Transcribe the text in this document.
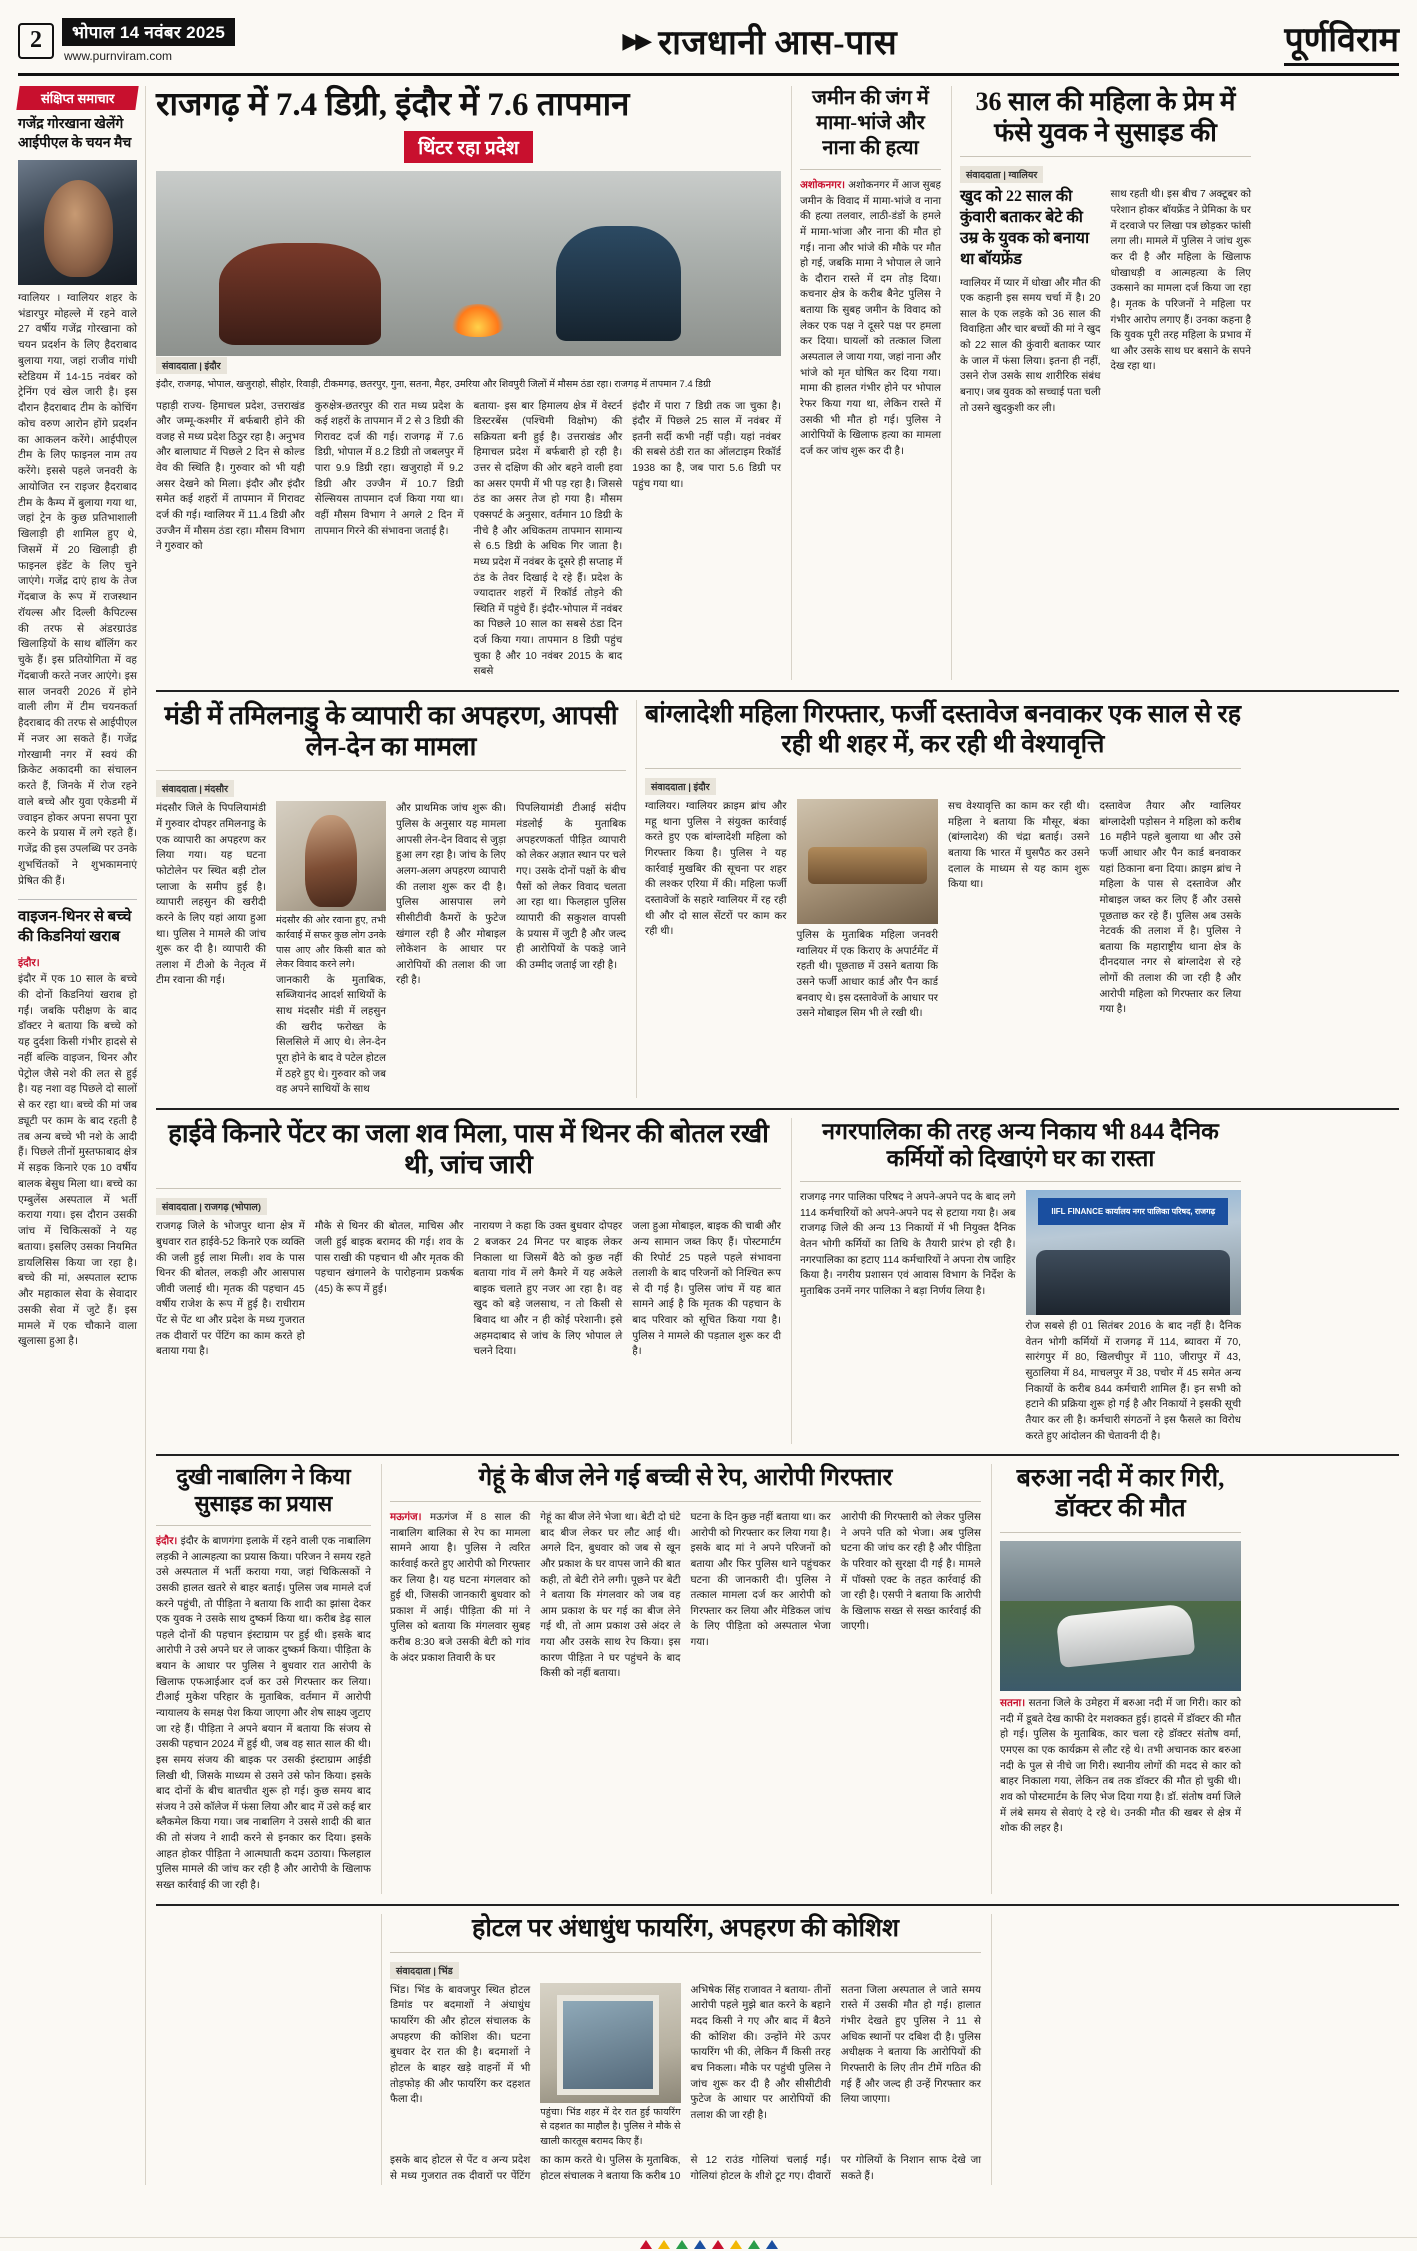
2	भोपाल 14 नवंबर 2025
www.purnviram.com
▶▶ राजधानी आस-पास	पूर्णविराम
संक्षिप्त समाचार
गजेंद्र गोरखाना खेलेंगे आईपीएल के चयन मैच
ग्वालियर । ग्वालियर शहर के भंडारपुर मोहल्ले में रहने वाले 27 वर्षीय गजेंद्र गोरखाना को चयन प्रदर्शन के लिए हैदराबाद बुलाया गया, जहां राजीव गांधी स्टेडियम में 14-15 नवंबर को ट्रेनिंग एवं खेल जारी है। इस दौरान हैदराबाद टीम के कोचिंग कोच वरुण आरोन होंगे प्रदर्शन का आकलन करेंगे। आईपीएल टीम के लिए फाइनल नाम तय करेंगे। इससे पहले जनवरी के आयोजित रन राइजर हैदराबाद टीम के कैम्प में बुलाया गया था, जहां ट्रेन के कुछ प्रतिभाशाली खिलाड़ी ही शामिल हुए थे, जिसमें में 20 खिलाड़ी ही फाइनल इंडेंट के लिए चुने जाएंगे। गजेंद्र दाएं हाथ के तेज गेंदबाज के रूप में राजस्थान रॉयल्स और दिल्ली कैपिटल्स की तरफ से अंडरग्राउंड खिलाड़ियों के साथ बॉलिंग कर चुके हैं। इस प्रतियोगिता में वह गेंदबाजी करते नजर आएंगे। इस साल जनवरी 2026 में होने वाली लीग में टीम चयनकर्ता हैदराबाद की तरफ से आईपीएल में नजर आ सकते हैं। गजेंद्र गोरखामी नगर में स्वयं की क्रिकेट अकादमी का संचालन करते हैं, जिनके में रोज रहने वाले बच्चे और युवा एकेडमी में ज्वाइन होकर अपना सपना पूरा करने के प्रयास में लगे रहते हैं। गजेंद्र की इस उपलब्धि पर उनके शुभचिंतकों ने शुभकामनाएं प्रेषित की हैं।
वाइजन-थिनर से बच्चे की किडनियां खराब
इंदौर।
इंदौर में एक 10 साल के बच्चे की दोनों किडनियां खराब हो गईं। जबकि परीक्षण के बाद डॉक्टर ने बताया कि बच्चे को यह दुर्दशा किसी गंभीर हादसे से नहीं बल्कि वाइजन, थिनर और पेट्रोल जैसे नशे की लत से हुई है। यह नशा वह पिछले दो सालों से कर रहा था। बच्चे की मां जब ड्यूटी पर काम के बाद रहती है तब अन्य बच्चे भी नशे के आदी हैं। पिछले तीनों मुस्तफाबाद क्षेत्र में सड़क किनारे एक 10 वर्षीय बालक बेसुध मिला था। बच्चे का एम्बुलेंस अस्पताल में भर्ती कराया गया। इस दौरान उसकी जांच में चिकित्सकों ने यह बताया। इसलिए उसका नियमित डायलिसिस किया जा रहा है। बच्चे की मां, अस्पताल स्टाफ और महाकाल सेवा के सेवादार उसकी सेवा में जुटे हैं। इस मामले में एक चौकाने वाला खुलासा हुआ है।
राजगढ़ में 7.4 डिग्री, इंदौर में 7.6 तापमान
थिंटर रहा प्रदेश
संवाददाता | इंदौर
इंदौर, राजगढ़, भोपाल, खजुराहो, सीहोर, रिवाड़ी, टीकमगढ़, छतरपुर, गुना, सतना, मैहर, उमरिया और शिवपुरी जिलों में मौसम ठंडा रहा। राजगढ़ में तापमान 7.4 डिग्री
पहाड़ी राज्य- हिमाचल प्रदेश, उत्तराखंड और जम्मू-कश्मीर में बर्फबारी होने की वजह से मध्य प्रदेश ठिठुर रहा है। अनुभव और बालाघाट में पिछले 2 दिन से कोल्ड वेव की स्थिति है। गुरुवार को भी यही असर देखने को मिला। इंदौर और इंदौर समेत कई शहरों में तापमान में गिरावट दर्ज की गई। ग्वालियर में 11.4 डिग्री और उज्जैन में मौसम ठंडा रहा। मौसम विभाग ने गुरुवार को
कुरुक्षेत्र-छतरपुर की रात मध्य प्रदेश के कई शहरों के तापमान में 2 से 3 डिग्री की गिरावट दर्ज की गई। राजगढ़ में 7.6 डिग्री, भोपाल में 8.2 डिग्री तो जबलपुर में पारा 9.9 डिग्री रहा। खजुराहो में 9.2 डिग्री और उज्जैन में 10.7 डिग्री सेल्सियस तापमान दर्ज किया गया था। वहीं मौसम विभाग ने अगले 2 दिन में तापमान गिरने की संभावना जताई है।
बताया- इस बार हिमालय क्षेत्र में वेस्टर्न डिस्टरबेंस (पश्चिमी विक्षोभ) की सक्रियता बनी हुई है। उत्तराखंड और हिमाचल प्रदेश में बर्फबारी हो रही है। उत्तर से दक्षिण की ओर बहने वाली हवा का असर एमपी में भी पड़ रहा है। जिससे ठंड का असर तेज हो गया है। मौसम एक्सपर्ट के अनुसार, वर्तमान 10 डिग्री के नीचे है और अधिकतम तापमान सामान्य से 6.5 डिग्री के अधिक गिर जाता है। मध्य प्रदेश में नवंबर के दूसरे ही सप्ताह में ठंड के तेवर दिखाई दे रहे हैं। प्रदेश के ज्यादातर शहरों में रिकॉर्ड तोड़ने की स्थिति में पहुंचे हैं। इंदौर-भोपाल में नवंबर का पिछले 10 साल का सबसे ठंडा दिन दर्ज किया गया। तापमान 8 डिग्री पहुंच चुका है और 10 नवंबर 2015 के बाद सबसे
इंदौर में पारा 7 डिग्री तक जा चुका है। इंदौर में पिछले 25 साल में नवंबर में इतनी सर्दी कभी नहीं पड़ी। यहां नवंबर की सबसे ठंडी रात का ऑलटाइम रिकॉर्ड 1938 का है, जब पारा 5.6 डिग्री पर पहुंच गया था।
जमीन की जंग में मामा-भांजे और नाना की हत्या
अशोकनगर। अशोकनगर में आज सुबह जमीन के विवाद में मामा-भांजे व नाना की हत्या तलवार, लाठी-डंडों के हमले में मामा-भांजा और नाना की मौत हो गई। नाना और भांजे की मौके पर मौत हो गई, जबकि मामा ने भोपाल ले जाने के दौरान रास्ते में दम तोड़ दिया। कचनार क्षेत्र के करीब बैनेट पुलिस ने बताया कि सुबह जमीन के विवाद को लेकर एक पक्ष ने दूसरे पक्ष पर हमला कर दिया। घायलों को तत्काल जिला अस्पताल ले जाया गया, जहां नाना और भांजे को मृत घोषित कर दिया गया। मामा की हालत गंभीर होने पर भोपाल रेफर किया गया था, लेकिन रास्ते में उसकी भी मौत हो गई। पुलिस ने आरोपियों के खिलाफ हत्या का मामला दर्ज कर जांच शुरू कर दी है।
36 साल की महिला के प्रेम में फंसे युवक ने सुसाइड की
संवाददाता | ग्वालियर
खुद को 22 साल की कुंवारी बताकर बेटे की उम्र के युवक को बनाया था बॉयफ्रेंड
ग्वालियर में प्यार में धोखा और मौत की एक कहानी इस समय चर्चा में है। 20 साल के एक लड़के को 36 साल की विवाहिता और चार बच्चों की मां ने खुद को 22 साल की कुंवारी बताकर प्यार के जाल में फंसा लिया। इतना ही नहीं, उसने रोज उसके साथ शारीरिक संबंध बनाए। जब युवक को सच्चाई पता चली तो उसने खुदकुशी कर ली।
साथ रहती थी। इस बीच 7 अक्टूबर को परेशान होकर बॉयफ्रेंड ने प्रेमिका के घर में दरवाजे पर लिखा पत्र छोड़कर फांसी लगा ली। मामले में पुलिस ने जांच शुरू कर दी है और महिला के खिलाफ धोखाधड़ी व आत्महत्या के लिए उकसाने का मामला दर्ज किया जा रहा है। मृतक के परिजनों ने महिला पर गंभीर आरोप लगाए हैं। उनका कहना है कि युवक पूरी तरह महिला के प्रभाव में था और उसके साथ घर बसाने के सपने देख रहा था।
मंडी में तमिलनाडु के व्यापारी का अपहरण, आपसी लेन-देन का मामला
संवाददाता | मंदसौर
मंदसौर जिले के पिपलियामंडी में गुरुवार दोपहर तमिलनाडु के एक व्यापारी का अपहरण कर लिया गया। यह घटना फोटोलेन पर स्थित बड़ी टोल प्लाजा के समीप हुई है। व्यापारी लहसुन की खरीदी करने के लिए यहां आया हुआ था। पुलिस ने मामले की जांच शुरू कर दी है। व्यापारी की तलाश में टीओ के नेतृत्व में टीम रवाना की गई।
मंदसौर की ओर रवाना हुए, तभी कार्रवाई में सफर कुछ लोग उनके पास आए और किसी बात को लेकर विवाद करने लगे।
जानकारी के मुताबिक, सब्जियानंद आदर्श साथियों के साथ मंदसौर मंडी में लहसुन की खरीद फरोख्त के सिलसिले में आए थे। लेन-देन पूरा होने के बाद वे पटेल होटल में ठहरे हुए थे। गुरुवार को जब वह अपने साथियों के साथ
और प्राथमिक जांच शुरू की। पुलिस के अनुसार यह मामला आपसी लेन-देन विवाद से जुड़ा हुआ लग रहा है। जांच के लिए अलग-अलग अपहरण व्यापारी की तलाश शुरू कर दी है। पुलिस आसपास लगे सीसीटीवी कैमरों के फुटेज खंगाल रही है और मोबाइल लोकेशन के आधार पर आरोपियों की तलाश की जा रही है।
पिपलियामंडी टीआई संदीप मंडलोई के मुताबिक अपहरणकर्ता पीड़ित व्यापारी को लेकर अज्ञात स्थान पर चले गए। उसके दोनों पक्षों के बीच पैसों को लेकर विवाद चलता आ रहा था। फिलहाल पुलिस व्यापारी की सकुशल वापसी के प्रयास में जुटी है और जल्द ही आरोपियों के पकड़े जाने की उम्मीद जताई जा रही है।
बांग्लादेशी महिला गिरफ्तार, फर्जी दस्तावेज बनवाकर एक साल से रह रही थी शहर में, कर रही थी वेश्यावृत्ति
संवाददाता | इंदौर
ग्वालियर। ग्वालियर क्राइम ब्रांच और महू थाना पुलिस ने संयुक्त कार्रवाई करते हुए एक बांग्लादेशी महिला को गिरफ्तार किया है। पुलिस ने यह कार्रवाई मुखबिर की सूचना पर शहर की लश्कर एरिया में की। महिला फर्जी दस्तावेजों के सहारे ग्वालियर में रह रही थी और दो साल सेंटरों पर काम कर रही थी।	पुलिस के मुताबिक महिला जनवरी ग्वालियर में एक किराए के अपार्टमेंट में रहती थी। पूछताछ में उसने बताया कि उसने फर्जी आधार कार्ड और पैन कार्ड बनवाए थे। इस दस्तावेजों के आधार पर उसने मोबाइल सिम भी ले रखी थी।
सच वेश्यावृत्ति का काम कर रही थी। महिला ने बताया कि मौसूर, बंका (बांग्लादेश) की चंद्रा बताई। उसने बताया कि भारत में घुसपैठ कर उसने दलाल के माध्यम से यह काम शुरू किया था।
दस्तावेज तैयार और ग्वालियर बांग्लादेशी पड़ोसन ने महिला को करीब 16 महीने पहले बुलाया था और उसे फर्जी आधार और पैन कार्ड बनवाकर यहां ठिकाना बना दिया। क्राइम ब्रांच ने महिला के पास से दस्तावेज और मोबाइल जब्त कर लिए हैं और उससे पूछताछ कर रहे हैं। पुलिस अब उसके नेटवर्क की तलाश में है। पुलिस ने बताया कि महाराष्ट्रीय थाना क्षेत्र के दीनदयाल नगर से बांग्लादेश से रहे लोगों की तलाश की जा रही है और आरोपी महिला को गिरफ्तार कर लिया गया है।
हाईवे किनारे पेंटर का जला शव मिला, पास में थिनर की बोतल रखी थी, जांच जारी
संवाददाता | राजगढ़ (भोपाल)
राजगढ़ जिले के भोजपुर थाना क्षेत्र में बुधवार रात हाईवे-52 किनारे एक व्यक्ति की जली हुई लाश मिली। शव के पास थिनर की बोतल, लकड़ी और आसपास जीवी जलाई थी। मृतक की पहचान 45 वर्षीय राजेश के रूप में हुई है। राधीराम पेंट से पेंट था और प्रदेश के मध्य गुजरात तक दीवारों पर पेंटिंग का काम करते हो बताया गया है।
मौके से थिनर की बोतल, माचिस और जली हुई बाइक बरामद की गई। शव के पास राखी की पहचान थी और मृतक की पहचान खंगालने के पारोहनाम प्रकर्षक (45) के रूप में हुई।
नारायण ने कहा कि उक्त बुधवार दोपहर 2 बजकर 24 मिनट पर बाइक लेकर निकाला था जिसमें बैठे को कुछ नहीं बताया गांव में लगे कैमरे में यह अकेले बाइक चलाते हुए नजर आ रहा है। वह खुद को बड़े जलसाथ, न तो किसी से बिवाद था और न ही कोई परेशानी। इसे अहमदाबाद से जांच के लिए भोपाल ले चलने दिया।
जला हुआ मोबाइल, बाइक की चाबी और अन्य सामान जब्त किए हैं। पोस्टमार्टम की रिपोर्ट 25 पहले पहले संभावना तलाशी के बाद परिजनों को निश्चित रूप से दी गई है। पुलिस जांच में यह बात सामने आई है कि मृतक की पहचान के बाद परिवार को सूचित किया गया है। पुलिस ने मामले की पड़ताल शुरू कर दी है।
नगरपालिका की तरह अन्य निकाय भी 844 दैनिक कर्मियों को दिखाएंगे घर का रास्ता
राजगढ़ नगर पालिका परिषद ने अपने-अपने पद के बाद लगे 114 कर्मचारियों को अपने-अपने पद से हटाया गया है। अब राजगढ़ जिले की अन्य 13 निकायों में भी नियुक्त दैनिक वेतन भोगी कर्मियों का तिथि के तैयारी प्रारंभ हो रही है। नगरपालिका का हटाए 114 कर्मचारियों ने अपना रोष जाहिर किया है। नगरीय प्रशासन एवं आवास विभाग के निर्देश के मुताबिक उनमें नगर पालिका ने बड़ा निर्णय लिया है।
IIFL FINANCE कार्यालय नगर पालिका परिषद, राजगढ़
रोज सबसे ही 01 सितंबर 2016 के बाद नहीं है। दैनिक वेतन भोगी कर्मियों में राजगढ़ में 114, ब्यावरा में 70, सारंगपुर में 80, खिलचीपुर में 110, जीरापुर में 43, सुठालिया में 84, माचलपुर में 38, पचोर में 45 समेत अन्य निकायों के करीब 844 कर्मचारी शामिल हैं। इन सभी को हटाने की प्रक्रिया शुरू हो गई है और निकायों ने इसकी सूची तैयार कर ली है। कर्मचारी संगठनों ने इस फैसले का विरोध करते हुए आंदोलन की चेतावनी दी है।
दुखी नाबालिग ने किया सुसाइड का प्रयास
इंदौर। इंदौर के बाणगंगा इलाके में रहने वाली एक नाबालिग लड़की ने आत्महत्या का प्रयास किया। परिजन ने समय रहते उसे अस्पताल में भर्ती कराया गया, जहां चिकित्सकों ने उसकी हालत खतरे से बाहर बताई। पुलिस जब मामले दर्ज करने पहुंची, तो पीड़िता ने बताया कि शादी का झांसा देकर एक युवक ने उसके साथ दुष्कर्म किया था। करीब डेढ़ साल पहले दोनों की पहचान इंस्टाग्राम पर हुई थी। इसके बाद आरोपी ने उसे अपने घर ले जाकर दुष्कर्म किया। पीड़िता के बयान के आधार पर पुलिस ने बुधवार रात आरोपी के खिलाफ एफआईआर दर्ज कर उसे गिरफ्तार कर लिया। टीआई मुकेश परिहार के मुताबिक, वर्तमान में आरोपी न्यायालय के समक्ष पेश किया जाएगा और शेष साक्ष्य जुटाए जा रहे हैं। पीड़िता ने अपने बयान में बताया कि संजय से उसकी पहचान 2024 में हुई थी, जब वह सात साल की थी। इस समय संजय की बाइक पर उसकी इंस्टाग्राम आईडी लिखी थी, जिसके माध्यम से उसने उसे फोन किया। इसके बाद दोनों के बीच बातचीत शुरू हो गई। कुछ समय बाद संजय ने उसे कॉलेज में फंसा लिया और बाद में उसे कई बार ब्लैकमेल किया गया। जब नाबालिग ने उससे शादी की बात की तो संजय ने शादी करने से इनकार कर दिया। इसके आहत होकर पीड़िता ने आत्मघाती कदम उठाया। फिलहाल पुलिस मामले की जांच कर रही है और आरोपी के खिलाफ सख्त कार्रवाई की जा रही है।
गेहूं के बीज लेने गई बच्ची से रेप, आरोपी गिरफ्तार
मऊगंज। मऊगंज में 8 साल की नाबालिग बालिका से रेप का मामला सामने आया है। पुलिस ने त्वरित कार्रवाई करते हुए आरोपी को गिरफ्तार कर लिया है। यह घटना मंगलवार को हुई थी, जिसकी जानकारी बुधवार को प्रकाश में आई। पीड़िता की मां ने पुलिस को बताया कि मंगलवार सुबह करीब 8:30 बजे उसकी बेटी को गांव के अंदर प्रकाश तिवारी के घर
गेहूं का बीज लेने भेजा था। बेटी दो घंटे बाद बीज लेकर घर लौट आई थी। अगले दिन, बुधवार को जब से खून और प्रकाश के घर वापस जाने की बात कही, तो बेटी रोने लगी। पूछने पर बेटी ने बताया कि मंगलवार को जब वह आम प्रकाश के घर गई का बीज लेने गई थी, तो आम प्रकाश उसे अंदर ले गया और उसके साथ रेप किया। इस कारण पीड़िता ने घर पहुंचने के बाद किसी को नहीं बताया।
घटना के दिन कुछ नहीं बताया था। कर आरोपी को गिरफ्तार कर लिया गया है। इसके बाद मां ने अपने परिजनों को बताया और फिर पुलिस थाने पहुंचकर घटना की जानकारी दी। पुलिस ने तत्काल मामला दर्ज कर आरोपी को गिरफ्तार कर लिया और मेडिकल जांच के लिए पीड़िता को अस्पताल भेजा गया।
आरोपी की गिरफ्तारी को लेकर पुलिस ने अपने पति को भेजा। अब पुलिस घटना की जांच कर रही है और पीड़िता के परिवार को सुरक्षा दी गई है। मामले में पॉक्सो एक्ट के तहत कार्रवाई की जा रही है। एसपी ने बताया कि आरोपी के खिलाफ सख्त से सख्त कार्रवाई की जाएगी।
बरुआ नदी में कार गिरी, डॉक्टर की मौत
सतना। सतना जिले के उमेहरा में बरुआ नदी में जा गिरी। कार को नदी में डूबते देख काफी देर मशक्कत हुई। हादसे में डॉक्टर की मौत हो गई। पुलिस के मुताबिक, कार चला रहे डॉक्टर संतोष वर्मा, एमएस का एक कार्यक्रम से लौट रहे थे। तभी अचानक कार बरुआ नदी के पुल से नीचे जा गिरी। स्थानीय लोगों की मदद से कार को बाहर निकाला गया, लेकिन तब तक डॉक्टर की मौत हो चुकी थी। शव को पोस्टमार्टम के लिए भेज दिया गया है। डॉ. संतोष वर्मा जिले में लंबे समय से सेवाएं दे रहे थे। उनकी मौत की खबर से क्षेत्र में शोक की लहर है।
होटल पर अंधाधुंध फायरिंग, अपहरण की कोशिश
संवाददाता | भिंड
भिंड। भिंड के बावजपुर स्थित होटल डिमांड पर बदमाशों ने अंधाधुंध फायरिंग की और होटल संचालक के अपहरण की कोशिश की। घटना बुधवार देर रात की है। बदमाशों ने होटल के बाहर खड़े वाहनों में भी तोड़फोड़ की और फायरिंग कर दहशत फैला दी।
पहुंचा। भिंड शहर में देर रात हुई फायरिंग से दहशत का माहौल है। पुलिस ने मौके से खाली कारतूस बरामद किए हैं।
अभिषेक सिंह राजावत ने बताया- तीनों आरोपी पहले मुझे बात करने के बहाने मदद किसी ने गए और बाद में बैठने की कोशिश की। उन्होंने मेरे ऊपर फायरिंग भी की, लेकिन मैं किसी तरह बच निकला। मौके पर पहुंची पुलिस ने जांच शुरू कर दी है और सीसीटीवी फुटेज के आधार पर आरोपियों की तलाश की जा रही है।
सतना जिला अस्पताल ले जाते समय रास्ते में उसकी मौत हो गई। हालात गंभीर देखते हुए पुलिस ने 11 से अधिक स्थानों पर दबिश दी है। पुलिस अधीक्षक ने बताया कि आरोपियों की गिरफ्तारी के लिए तीन टीमें गठित की गई हैं और जल्द ही उन्हें गिरफ्तार कर लिया जाएगा।
इसके बाद होटल से पेंट व अन्य प्रदेश से मध्य गुजरात तक दीवारों पर पेंटिंग का काम करते थे। पुलिस के मुताबिक, होटल संचालक ने बताया कि करीब 10 से 12 राउंड गोलियां चलाई गईं। गोलियां होटल के शीशे टूट गए। दीवारों पर गोलियों के निशान साफ देखे जा सकते हैं।
